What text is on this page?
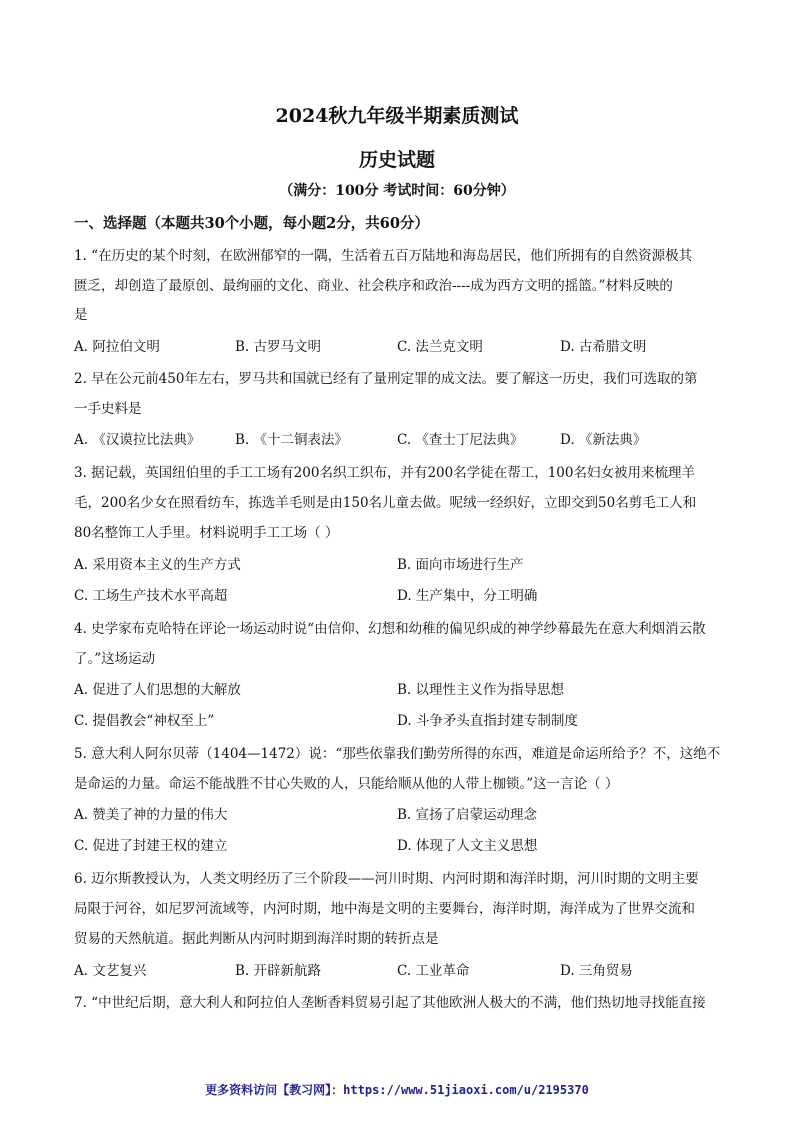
2024秋九年级半期素质测试
历史试题
（满分：100分 考试时间：60分钟）
一、选择题（本题共30个小题，每小题2分，共60分）
1. “在历史的某个时刻，在欧洲郁窄的一隅，生活着五百万陆地和海岛居民，他们所拥有的自然资源极其
匮乏，却创造了最原创、最绚丽的文化、商业、社会秩序和政治----成为西方文明的摇篮。”材料反映的
是
A. 阿拉伯文明	B. 古罗马文明	C. 法兰克文明	D. 古希腊文明
2. 早在公元前450年左右，罗马共和国就已经有了量刑定罪的成文法。要了解这一历史，我们可选取的第
一手史料是
A. 《汉谟拉比法典》	B. 《十二铜表法》	C. 《查士丁尼法典》	D. 《新法典》
3. 据记载，英国纽伯里的手工工场有200名织工织布，并有200名学徒在帮工，100名妇女被用来梳理羊
毛，200名少女在照看纺车，拣选羊毛则是由150名儿童去做。呢绒一经织好，立即交到50名剪毛工人和
80名整饰工人手里。材料说明手工工场（ ）
A. 采用资本主义的生产方式	B. 面向市场进行生产
C. 工场生产技术水平高超	D. 生产集中，分工明确
4. 史学家布克哈特在评论一场运动时说“由信仰、幻想和幼稚的偏见织成的神学纱幕最先在意大利烟消云散
了。”这场运动
A. 促进了人们思想的大解放	B. 以理性主义作为指导思想
C. 提倡教会“神权至上”	D. 斗争矛头直指封建专制制度
5. 意大利人阿尔贝蒂（1404—1472）说：“那些依靠我们勤劳所得的东西，难道是命运所给予？不，这绝不
是命运的力量。命运不能战胜不甘心失败的人，只能给顺从他的人带上枷锁。”这一言论（ ）
A. 赞美了神的力量的伟大	B. 宣扬了启蒙运动理念
C. 促进了封建王权的建立	D. 体现了人文主义思想
6. 迈尔斯教授认为，人类文明经历了三个阶段——河川时期、内河时期和海洋时期，河川时期的文明主要
局限于河谷，如尼罗河流域等，内河时期，地中海是文明的主要舞台，海洋时期，海洋成为了世界交流和
贸易的天然航道。据此判断从内河时期到海洋时期的转折点是
A. 文艺复兴	B. 开辟新航路	C. 工业革命	D. 三角贸易
7. “中世纪后期，意大利人和阿拉伯人垄断香料贸易引起了其他欧洲人极大的不满，他们热切地寻找能直接
更多资料访问【教习网】：https://www.51jiaoxi.com/u/2195370
